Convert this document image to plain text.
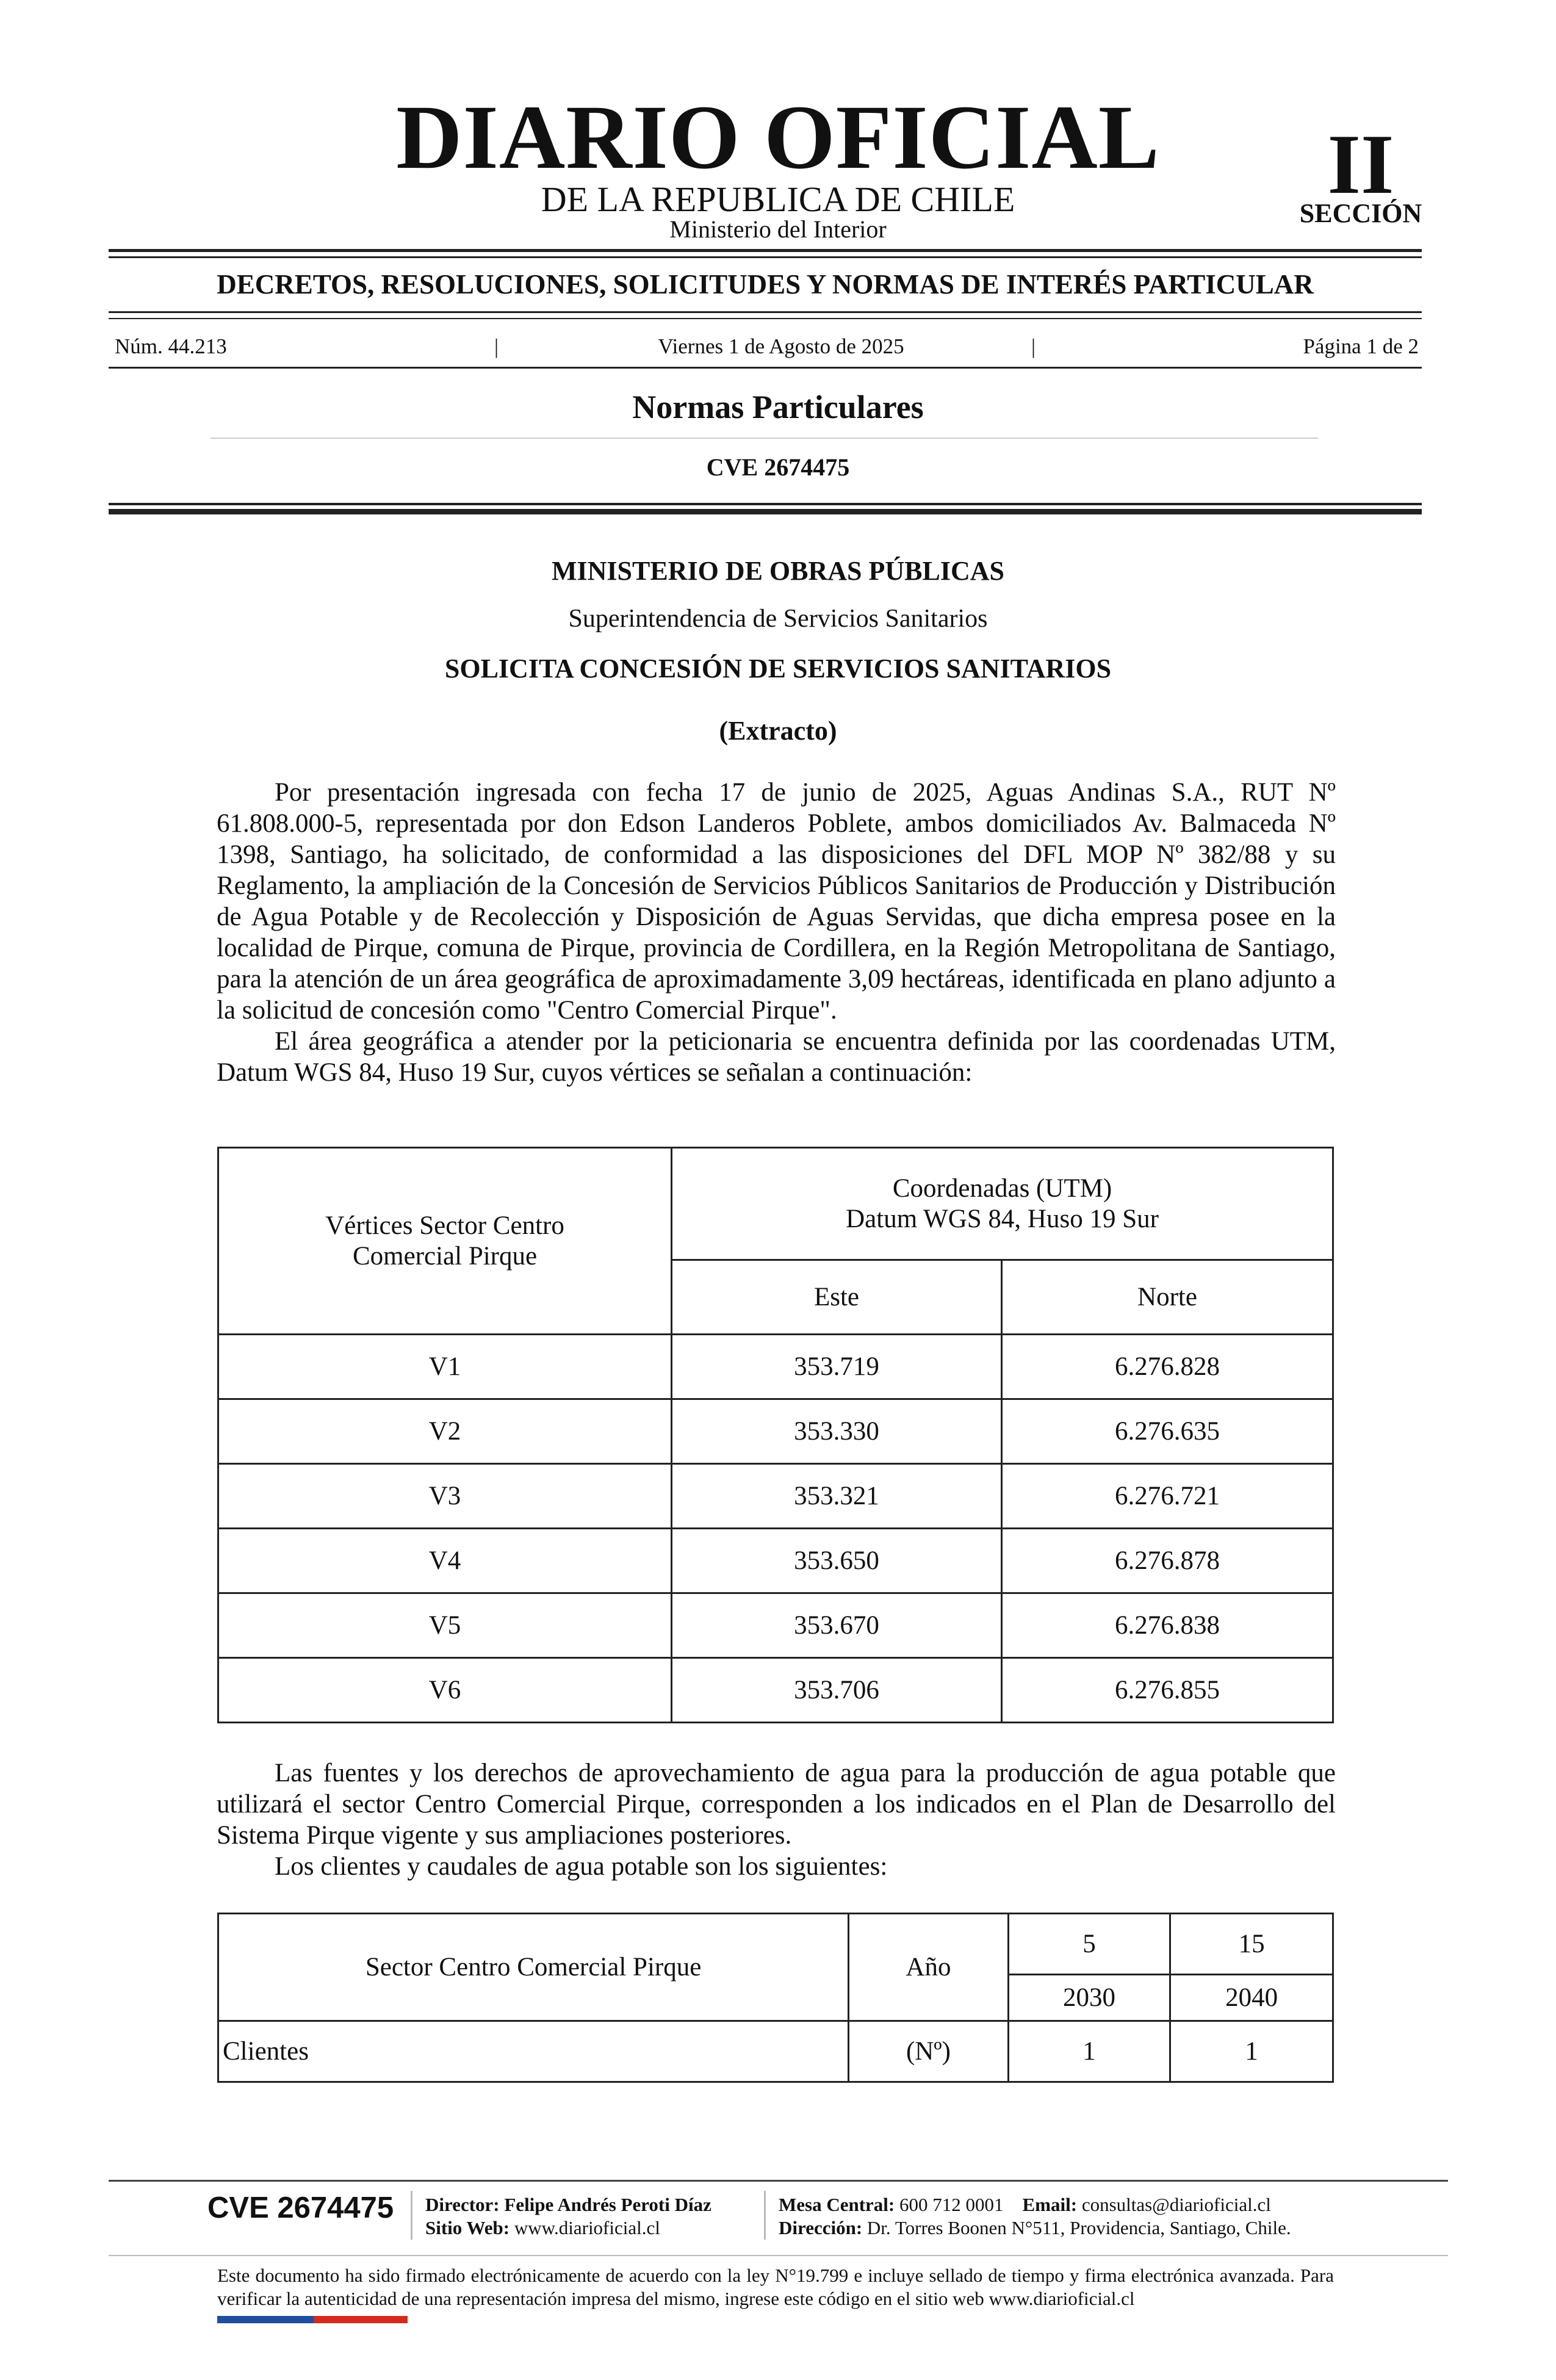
DIARIO OFICIAL
DE LA REPUBLICA DE CHILE
Ministerio del Interior
II
SECCIÓN
DECRETOS, RESOLUCIONES, SOLICITUDES Y NORMAS DE INTERÉS PARTICULAR
Núm. 44.213	|	Viernes 1 de Agosto de 2025	|	Página 1 de 2
Normas Particulares
CVE 2674475
MINISTERIO DE OBRAS PÚBLICAS
Superintendencia de Servicios Sanitarios
SOLICITA CONCESIÓN DE SERVICIOS SANITARIOS
(Extracto)

Por presentación ingresada con fecha 17 de junio de 2025, Aguas Andinas S.A., RUT Nº 61.808.000-5, representada por don Edson Landeros Poblete, ambos domiciliados Av. Balmaceda Nº 1398, Santiago, ha solicitado, de conformidad a las disposiciones del DFL MOP Nº 382/88 y su Reglamento, la ampliación de la Concesión de Servicios Públicos Sanitarios de Producción y Distribución de Agua Potable y de Recolección y Disposición de Aguas Servidas, que dicha empresa posee en la localidad de Pirque, comuna de Pirque, provincia de Cordillera, en la Región Metropolitana de Santiago, para la atención de un área geográfica de aproximadamente 3,09 hectáreas, identificada en plano adjunto a la solicitud de concesión como "Centro Comercial Pirque".

El área geográfica a atender por la peticionaria se encuentra definida por las coordenadas UTM, Datum WGS 84, Huso 19 Sur, cuyos vértices se señalan a continuación:

Vértices Sector Centro Comercial Pirque	Coordenadas (UTM)
Datum WGS 84, Huso 19 Sur	

	Este	Norte
V1	353.719	6.276.828
V2	353.330	6.276.635
V3	353.321	6.276.721
V4	353.650	6.276.878
V5	353.670	6.276.838
V6	353.706	6.276.855

Las fuentes y los derechos de aprovechamiento de agua para la producción de agua potable que utilizará el sector Centro Comercial Pirque, corresponden a los indicados en el Plan de Desarrollo del Sistema Pirque vigente y sus ampliaciones posteriores.

Los clientes y caudales de agua potable son los siguientes:

Sector Centro Comercial Pirque	Año	5	15
		2030	2040
Clientes	(Nº)	1	1
CVE 2674475 Director: Felipe Andrés Peroti Díaz
Sitio Web: www.diarioficial.cl
Mesa Central: 600 712 0001 Email: consultas@diarioficial.cl
Dirección: Dr. Torres Boonen N°511, Providencia, Santiago, Chile.
Este documento ha sido firmado electrónicamente de acuerdo con la ley N°19.799 e incluye sellado de tiempo y firma electrónica avanzada. Para verificar la autenticidad de una representación impresa del mismo, ingrese este código en el sitio web www.diarioficial.cl
